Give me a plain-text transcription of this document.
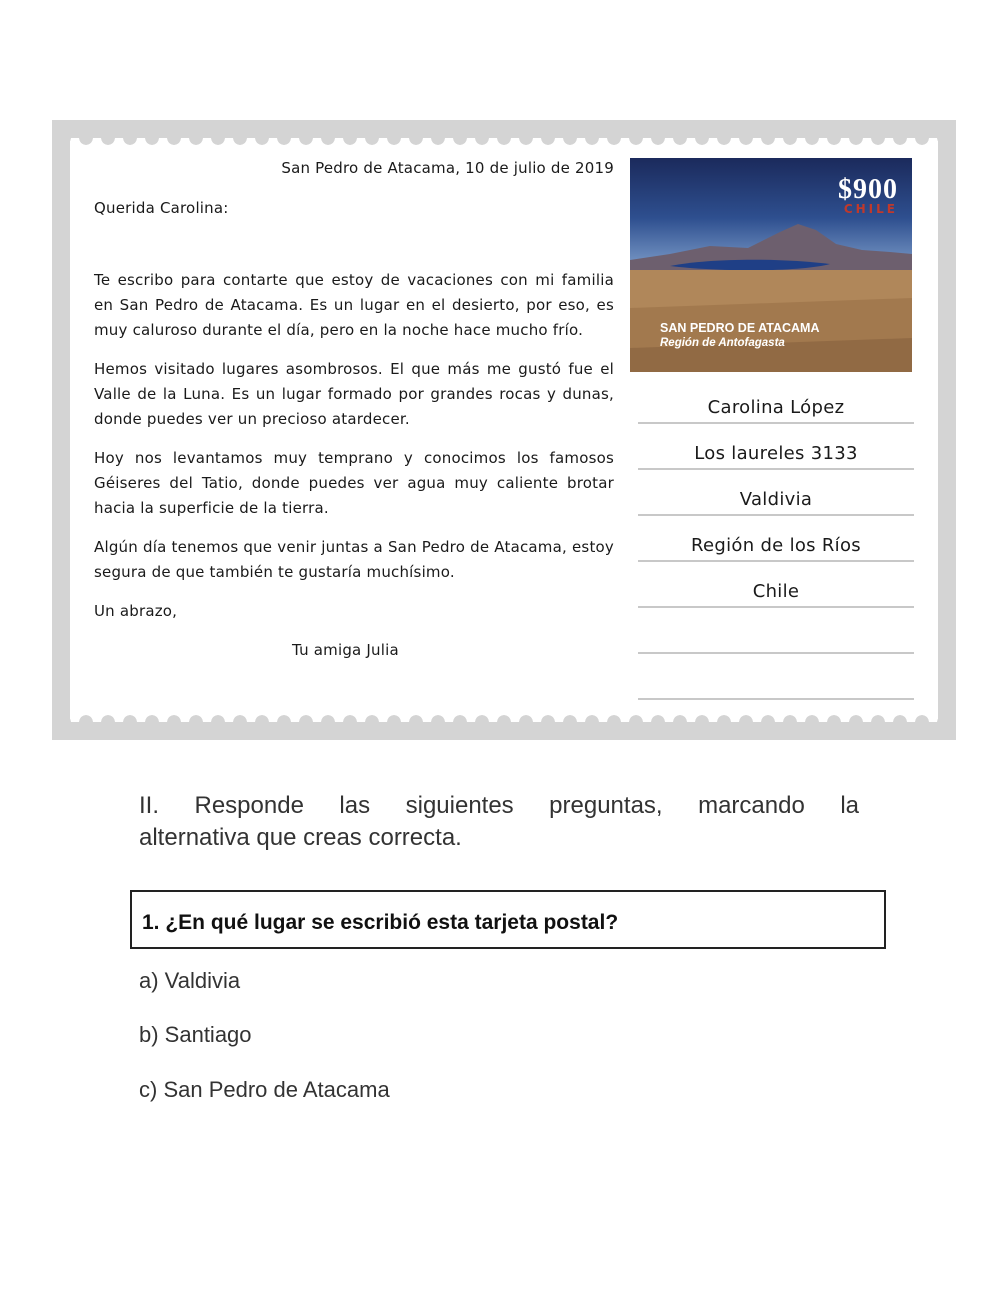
San Pedro de Atacama, 10 de julio de 2019

Querida Carolina:

Te escribo para contarte que estoy de vacaciones con mi familia en San Pedro de Atacama. Es un lugar en el desierto, por eso, es muy caluroso durante el día, pero en la noche hace mucho frío.

Hemos visitado lugares asombrosos. El que más me gustó fue el Valle de la Luna. Es un lugar formado por grandes rocas y dunas, donde puedes ver un precioso atardecer.

Hoy nos levantamos muy temprano y conocimos los famosos Géiseres del Tatio, donde puedes ver agua muy caliente brotar hacia la superficie de la tierra.

Algún día tenemos que venir juntas a San Pedro de Atacama, estoy segura de que también te gustaría muchísimo.

Un abrazo,

Tu amiga Julia

$900
CHILE
SAN PEDRO DE ATACAMA
Región de Antofagasta
Carolina López
Los laureles 3133
Valdivia
Región de los Ríos
Chile
II. Responde las siguientes preguntas, marcando la
alternativa que creas correcta.
1. ¿En qué lugar se escribió esta tarjeta postal?
a) Valdivia
b) Santiago
c) San Pedro de Atacama
